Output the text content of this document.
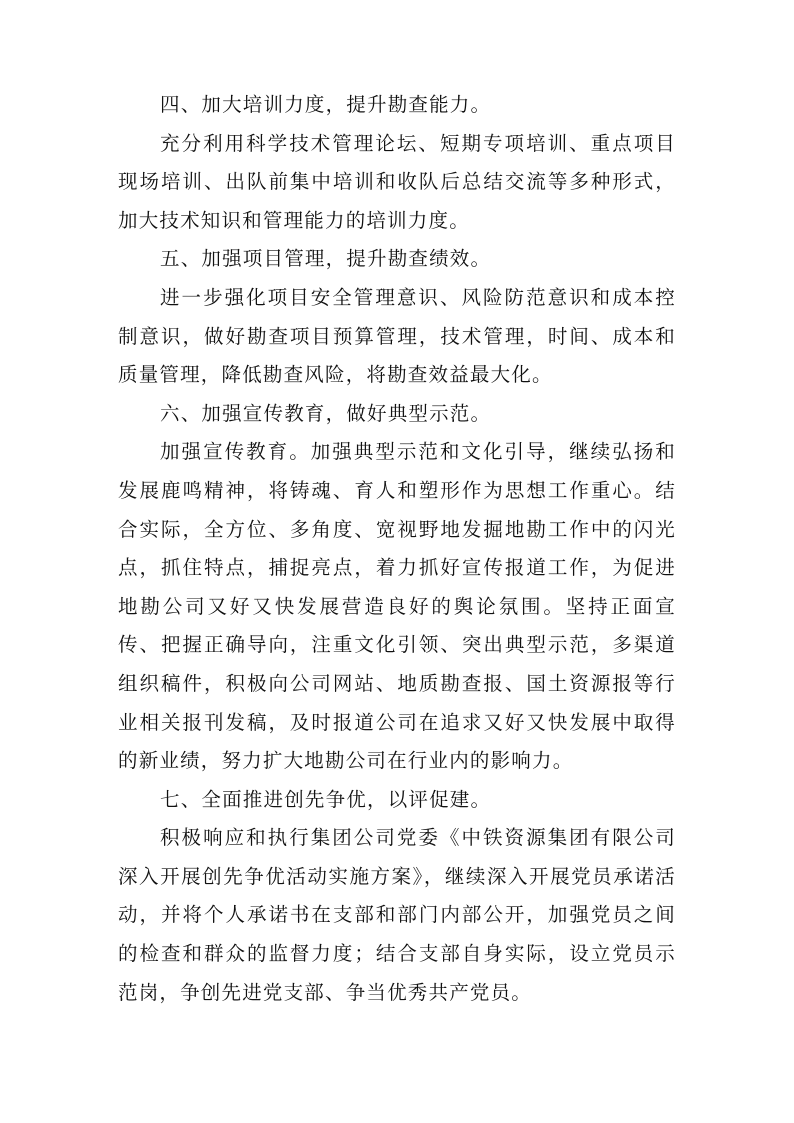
四、加大培训力度，提升勘查能力。

充分利用科学技术管理论坛、短期专项培训、重点项目现场培训、出队前集中培训和收队后总结交流等多种形式，加大技术知识和管理能力的培训力度。

五、加强项目管理，提升勘查绩效。

进一步强化项目安全管理意识、风险防范意识和成本控制意识，做好勘查项目预算管理，技术管理，时间、成本和质量管理，降低勘查风险，将勘查效益最大化。

六、加强宣传教育，做好典型示范。

加强宣传教育。加强典型示范和文化引导，继续弘扬和发展鹿鸣精神，将铸魂、育人和塑形作为思想工作重心。结合实际，全方位、多角度、宽视野地发掘地勘工作中的闪光点，抓住特点，捕捉亮点，着力抓好宣传报道工作，为促进地勘公司又好又快发展营造良好的舆论氛围。坚持正面宣传、把握正确导向，注重文化引领、突出典型示范，多渠道组织稿件，积极向公司网站、地质勘查报、国土资源报等行业相关报刊发稿，及时报道公司在追求又好又快发展中取得的新业绩，努力扩大地勘公司在行业内的影响力。

七、全面推进创先争优，以评促建。

积极响应和执行集团公司党委《中铁资源集团有限公司深入开展创先争优活动实施方案》，继续深入开展党员承诺活动，并将个人承诺书在支部和部门内部公开，加强党员之间的检查和群众的监督力度；结合支部自身实际，设立党员示范岗，争创先进党支部、争当优秀共产党员。
